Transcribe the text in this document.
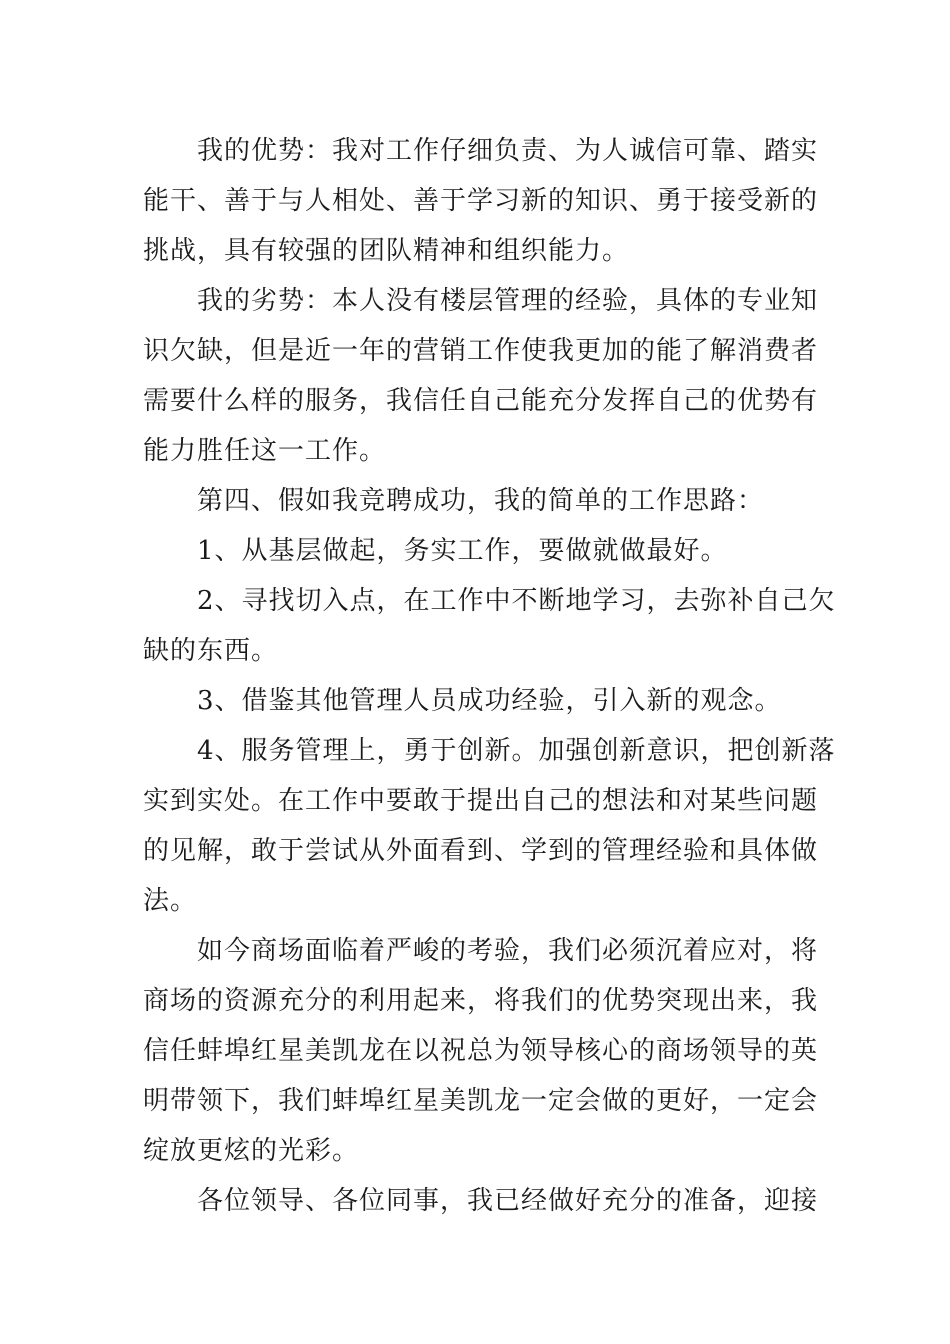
我的优势：我对工作仔细负责、为人诚信可靠、踏实

能干、善于与人相处、善于学习新的知识、勇于接受新的

挑战，具有较强的团队精神和组织能力。

我的劣势：本人没有楼层管理的经验，具体的专业知

识欠缺，但是近一年的营销工作使我更加的能了解消费者

需要什么样的服务，我信任自己能充分发挥自己的优势有

能力胜任这一工作。

第四、假如我竞聘成功，我的简单的工作思路：

1、从基层做起，务实工作，要做就做最好。

2、寻找切入点，在工作中不断地学习，去弥补自己欠

缺的东西。

3、借鉴其他管理人员成功经验，引入新的观念。

4、服务管理上，勇于创新。加强创新意识，把创新落

实到实处。在工作中要敢于提出自己的想法和对某些问题

的见解，敢于尝试从外面看到、学到的管理经验和具体做

法。

如今商场面临着严峻的考验，我们必须沉着应对，将

商场的资源充分的利用起来，将我们的优势突现出来，我

信任蚌埠红星美凯龙在以祝总为领导核心的商场领导的英

明带领下，我们蚌埠红星美凯龙一定会做的更好，一定会

绽放更炫的光彩。

各位领导、各位同事，我已经做好充分的准备，迎接
